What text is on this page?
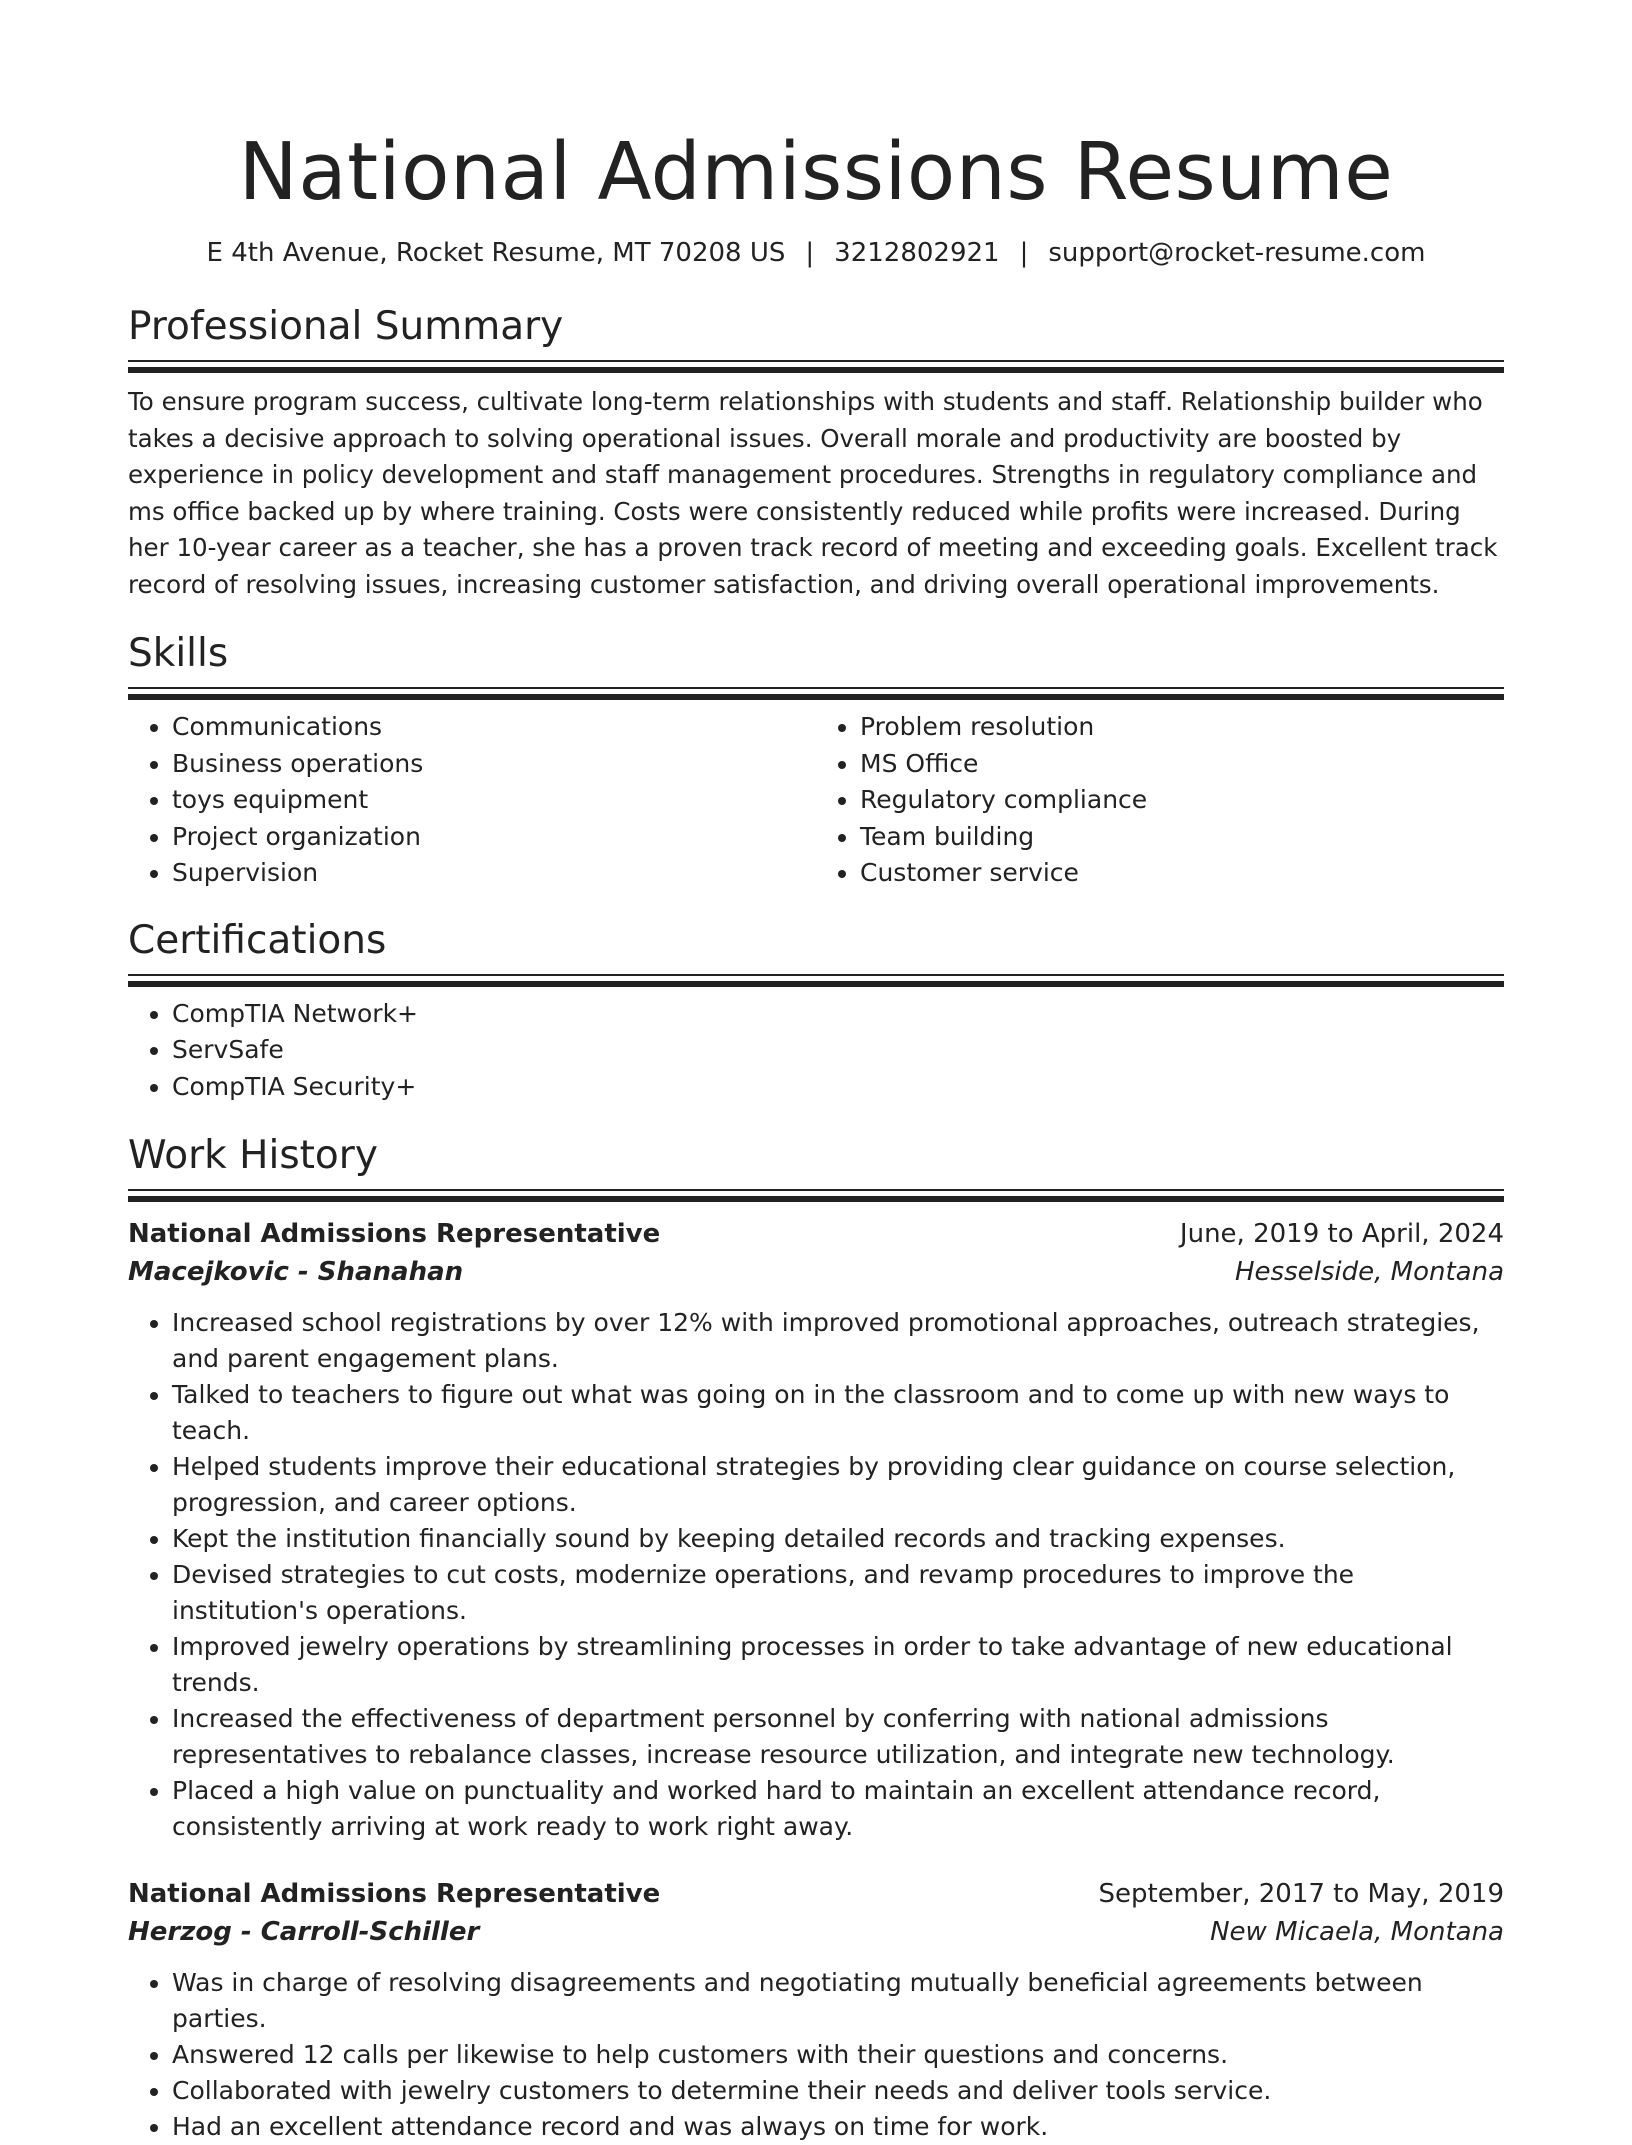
National Admissions Resume
E 4th Avenue, Rocket Resume, MT 70208 US | 3212802921 | support@rocket-resume.com
Professional Summary

To ensure program success, cultivate long-term relationships with students and staff. Relationship builder who takes a decisive approach to solving operational issues. Overall morale and productivity are boosted by experience in policy development and staff management procedures. Strengths in regulatory compliance and ms office backed up by where training. Costs were consistently reduced while profits were increased. During her 10-year career as a teacher, she has a proven track record of meeting and exceeding goals. Excellent track record of resolving issues, increasing customer satisfaction, and driving overall operational improvements.

Skills
• Communications
• Business operations
• toys equipment
• Project organization
• Supervision
• Problem resolution
• MS Office
• Regulatory compliance
• Team building
• Customer service
Certifications
• CompTIA Network+
• ServSafe
• CompTIA Security+
Work History
National Admissions Representative	June, 2019 to April, 2024
Macejkovic - Shanahan	Hesselside, Montana
• Increased school registrations by over 12% with improved promotional approaches, outreach strategies, and parent engagement plans.
• Talked to teachers to figure out what was going on in the classroom and to come up with new ways to teach.
• Helped students improve their educational strategies by providing clear guidance on course selection, progression, and career options.
• Kept the institution financially sound by keeping detailed records and tracking expenses.
• Devised strategies to cut costs, modernize operations, and revamp procedures to improve the institution's operations.
• Improved jewelry operations by streamlining processes in order to take advantage of new educational trends.
• Increased the effectiveness of department personnel by conferring with national admissions representatives to rebalance classes, increase resource utilization, and integrate new technology.
• Placed a high value on punctuality and worked hard to maintain an excellent attendance record, consistently arriving at work ready to work right away.
National Admissions Representative	September, 2017 to May, 2019
Herzog - Carroll-Schiller	New Micaela, Montana
• Was in charge of resolving disagreements and negotiating mutually beneficial agreements between parties.
• Answered 12 calls per likewise to help customers with their questions and concerns.
• Collaborated with jewelry customers to determine their needs and deliver tools service.
• Had an excellent attendance record and was always on time for work.
